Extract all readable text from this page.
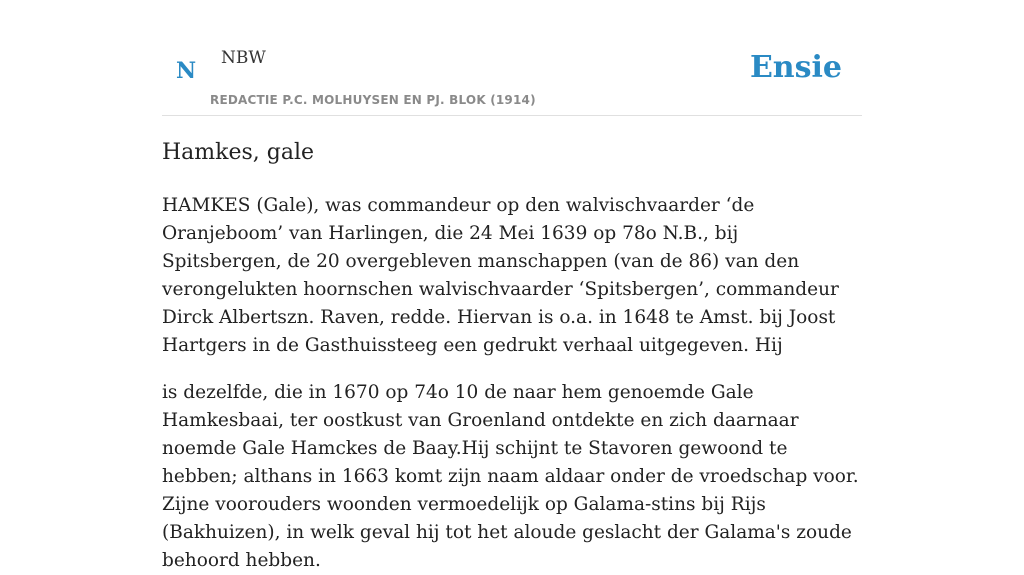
N NBW
REDACTIE P.C. MOLHUYSEN EN PJ. BLOK (1914)
Ensie
Hamkes, gale

HAMKES (Gale), was commandeur op den walvischvaarder ‘de Oranjeboom’ van Harlingen, die 24 Mei 1639 op 78o N.B., bij Spitsbergen, de 20 overgebleven manschappen (van de 86) van den verongelukten hoornschen walvischvaarder ‘Spitsbergen’, commandeur Dirck Albertszn. Raven, redde. Hiervan is o.a. in 1648 te Amst. bij Joost Hartgers in de Gasthuissteeg een gedrukt verhaal uitgegeven. Hij

is dezelfde, die in 1670 op 74o 10 de naar hem genoemde Gale Hamkesbaai, ter oostkust van Groenland ontdekte en zich daarnaar noemde Gale Hamckes de Baay.Hij schijnt te Stavoren gewoond te hebben; althans in 1663 komt zijn naam aldaar onder de vroedschap voor. Zijne voorouders woonden vermoedelijk op Galama-stins bij Rijs (Bakhuizen), in welk geval hij tot het aloude geslacht der Galama's zoude behoord hebben.
